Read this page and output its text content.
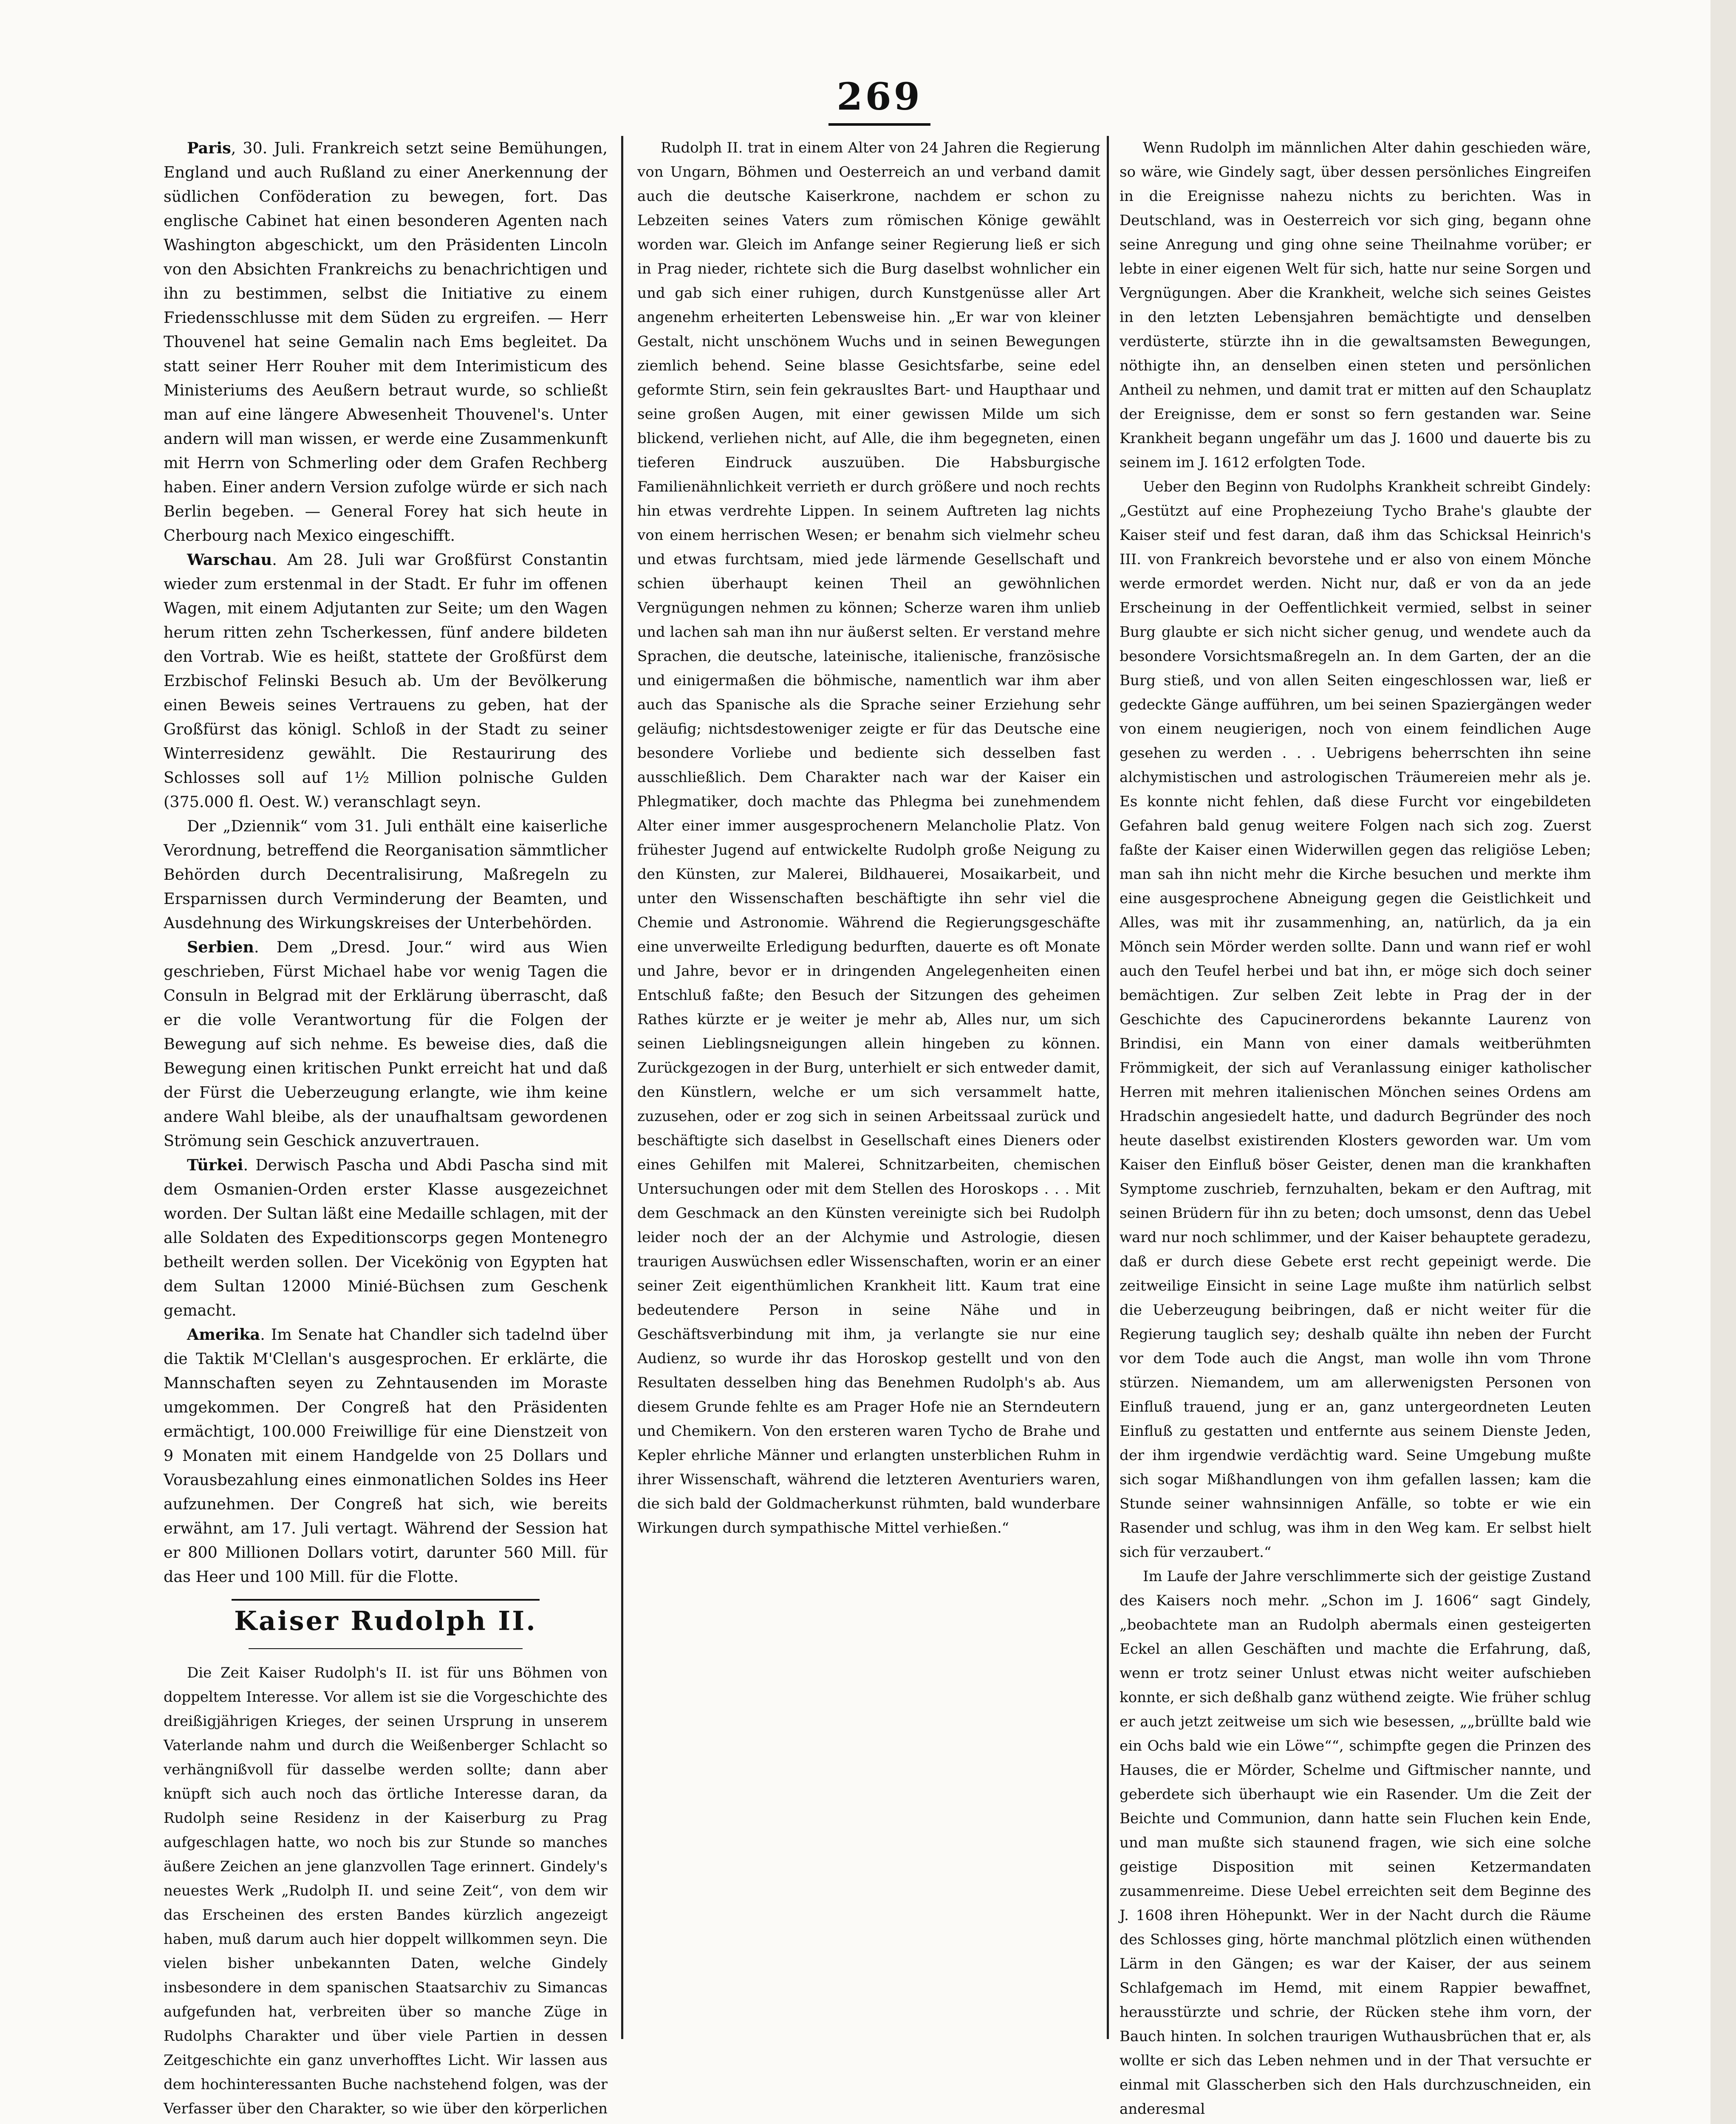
269

Paris, 30. Juli. Frankreich setzt seine Bemühungen, England und auch Rußland zu einer Anerkennung der südlichen Conföderation zu bewegen, fort. Das englische Cabinet hat einen besonderen Agenten nach Washington abgeschickt, um den Präsidenten Lincoln von den Absichten Frankreichs zu benachrichtigen und ihn zu bestimmen, selbst die Initiative zu einem Friedensschlusse mit dem Süden zu ergreifen. — Herr Thouvenel hat seine Gemalin nach Ems begleitet. Da statt seiner Herr Rouher mit dem Interimisticum des Ministeriums des Aeußern betraut wurde, so schließt man auf eine längere Abwesenheit Thouvenel's. Unter andern will man wissen, er werde eine Zusammenkunft mit Herrn von Schmerling oder dem Grafen Rechberg haben. Einer andern Version zufolge würde er sich nach Berlin begeben. — General Forey hat sich heute in Cherbourg nach Mexico eingeschifft.

Warschau. Am 28. Juli war Großfürst Constantin wieder zum erstenmal in der Stadt. Er fuhr im offenen Wagen, mit einem Adjutanten zur Seite; um den Wagen herum ritten zehn Tscherkessen, fünf andere bildeten den Vortrab. Wie es heißt, stattete der Großfürst dem Erzbischof Felinski Besuch ab. Um der Bevölkerung einen Beweis seines Vertrauens zu geben, hat der Großfürst das königl. Schloß in der Stadt zu seiner Winterresidenz gewählt. Die Restaurirung des Schlosses soll auf 1½ Million polnische Gulden (375.000 fl. Oest. W.) veranschlagt seyn.

Der „Dziennik“ vom 31. Juli enthält eine kaiserliche Verordnung, betreffend die Reorganisation sämmtlicher Behörden durch Decentralisirung, Maßregeln zu Ersparnissen durch Verminderung der Beamten, und Ausdehnung des Wirkungskreises der Unterbehörden.

Serbien. Dem „Dresd. Jour.“ wird aus Wien geschrieben, Fürst Michael habe vor wenig Tagen die Consuln in Belgrad mit der Erklärung überrascht, daß er die volle Verantwortung für die Folgen der Bewegung auf sich nehme. Es beweise dies, daß die Bewegung einen kritischen Punkt erreicht hat und daß der Fürst die Ueberzeugung erlangte, wie ihm keine andere Wahl bleibe, als der unaufhaltsam gewordenen Strömung sein Geschick anzuvertrauen.

Türkei. Derwisch Pascha und Abdi Pascha sind mit dem Osmanien-Orden erster Klasse ausgezeichnet worden. Der Sultan läßt eine Medaille schlagen, mit der alle Soldaten des Expeditionscorps gegen Montenegro betheilt werden sollen. Der Vicekönig von Egypten hat dem Sultan 12000 Minié-Büchsen zum Geschenk gemacht.

Amerika. Im Senate hat Chandler sich tadelnd über die Taktik M'Clellan's ausgesprochen. Er erklärte, die Mannschaften seyen zu Zehntausenden im Moraste umgekommen. Der Congreß hat den Präsidenten ermächtigt, 100.000 Freiwillige für eine Dienstzeit von 9 Monaten mit einem Handgelde von 25 Dollars und Vorausbezahlung eines einmonatlichen Soldes ins Heer aufzunehmen. Der Congreß hat sich, wie bereits erwähnt, am 17. Juli vertagt. Während der Session hat er 800 Millionen Dollars votirt, darunter 560 Mill. für das Heer und 100 Mill. für die Flotte.

Kaiser Rudolph II.

Die Zeit Kaiser Rudolph's II. ist für uns Böhmen von doppeltem Interesse. Vor allem ist sie die Vorgeschichte des dreißigjährigen Krieges, der seinen Ursprung in unserem Vaterlande nahm und durch die Weißenberger Schlacht so verhängnißvoll für dasselbe werden sollte; dann aber knüpft sich auch noch das örtliche Interesse daran, da Rudolph seine Residenz in der Kaiserburg zu Prag aufgeschlagen hatte, wo noch bis zur Stunde so manches äußere Zeichen an jene glanzvollen Tage erinnert. Gindely's neuestes Werk „Rudolph II. und seine Zeit“, von dem wir das Erscheinen des ersten Bandes kürzlich angezeigt haben, muß darum auch hier doppelt willkommen seyn. Die vielen bisher unbekannten Daten, welche Gindely insbesondere in dem spanischen Staatsarchiv zu Simancas aufgefunden hat, verbreiten über so manche Züge in Rudolphs Charakter und über viele Partien in dessen Zeitgeschichte ein ganz unverhofftes Licht. Wir lassen aus dem hochinteressanten Buche nachstehend folgen, was der Verfasser über den Charakter, so wie über den körperlichen

Rudolph II. trat in einem Alter von 24 Jahren die Regierung von Ungarn, Böhmen und Oesterreich an und verband damit auch die deutsche Kaiserkrone, nachdem er schon zu Lebzeiten seines Vaters zum römischen Könige gewählt worden war. Gleich im Anfange seiner Regierung ließ er sich in Prag nieder, richtete sich die Burg daselbst wohnlicher ein und gab sich einer ruhigen, durch Kunstgenüsse aller Art angenehm erheiterten Lebensweise hin. „Er war von kleiner Gestalt, nicht unschönem Wuchs und in seinen Bewegungen ziemlich behend. Seine blasse Gesichtsfarbe, seine edel geformte Stirn, sein fein gekrausltes Bart- und Haupthaar und seine großen Augen, mit einer gewissen Milde um sich blickend, verliehen nicht, auf Alle, die ihm begegneten, einen tieferen Eindruck auszuüben. Die Habsburgische Familienähnlichkeit verrieth er durch größere und noch rechts hin etwas verdrehte Lippen. In seinem Auftreten lag nichts von einem herrischen Wesen; er benahm sich vielmehr scheu und etwas furchtsam, mied jede lärmende Gesellschaft und schien überhaupt keinen Theil an gewöhnlichen Vergnügungen nehmen zu können; Scherze waren ihm unlieb und lachen sah man ihn nur äußerst selten. Er verstand mehre Sprachen, die deutsche, lateinische, italienische, französische und einigermaßen die böhmische, namentlich war ihm aber auch das Spanische als die Sprache seiner Erziehung sehr geläufig; nichtsdestoweniger zeigte er für das Deutsche eine besondere Vorliebe und bediente sich desselben fast ausschließlich. Dem Charakter nach war der Kaiser ein Phlegmatiker, doch machte das Phlegma bei zunehmendem Alter einer immer ausgesprochenern Melancholie Platz. Von frühester Jugend auf entwickelte Rudolph große Neigung zu den Künsten, zur Malerei, Bildhauerei, Mosaikarbeit, und unter den Wissenschaften beschäftigte ihn sehr viel die Chemie und Astronomie. Während die Regierungsgeschäfte eine unverweilte Erledigung bedurften, dauerte es oft Monate und Jahre, bevor er in dringenden Angelegenheiten einen Entschluß faßte; den Besuch der Sitzungen des geheimen Rathes kürzte er je weiter je mehr ab, Alles nur, um sich seinen Lieblingsneigungen allein hingeben zu können. Zurückgezogen in der Burg, unterhielt er sich entweder damit, den Künstlern, welche er um sich versammelt hatte, zuzusehen, oder er zog sich in seinen Arbeitssaal zurück und beschäftigte sich daselbst in Gesellschaft eines Dieners oder eines Gehilfen mit Malerei, Schnitzarbeiten, chemischen Untersuchungen oder mit dem Stellen des Horoskops . . . Mit dem Geschmack an den Künsten vereinigte sich bei Rudolph leider noch der an der Alchymie und Astrologie, diesen traurigen Auswüchsen edler Wissenschaften, worin er an einer seiner Zeit eigenthümlichen Krankheit litt. Kaum trat eine bedeutendere Person in seine Nähe und in Geschäftsverbindung mit ihm, ja verlangte sie nur eine Audienz, so wurde ihr das Horoskop gestellt und von den Resultaten desselben hing das Benehmen Rudolph's ab. Aus diesem Grunde fehlte es am Prager Hofe nie an Sterndeutern und Chemikern. Von den ersteren waren Tycho de Brahe und Kepler ehrliche Männer und erlangten unsterblichen Ruhm in ihrer Wissenschaft, während die letzteren Aventuriers waren, die sich bald der Goldmacherkunst rühmten, bald wunderbare Wirkungen durch sympathische Mittel verhießen.“

Wenn Rudolph im männlichen Alter dahin geschieden wäre, so wäre, wie Gindely sagt, über dessen persönliches Eingreifen in die Ereignisse nahezu nichts zu berichten. Was in Deutschland, was in Oesterreich vor sich ging, begann ohne seine Anregung und ging ohne seine Theilnahme vorüber; er lebte in einer eigenen Welt für sich, hatte nur seine Sorgen und Vergnügungen. Aber die Krankheit, welche sich seines Geistes in den letzten Lebensjahren bemächtigte und denselben verdüsterte, stürzte ihn in die gewaltsamsten Bewegungen, nöthigte ihn, an denselben einen steten und persönlichen Antheil zu nehmen, und damit trat er mitten auf den Schauplatz der Ereignisse, dem er sonst so fern gestanden war. Seine Krankheit begann ungefähr um das J. 1600 und dauerte bis zu seinem im J. 1612 erfolgten Tode.

Ueber den Beginn von Rudolphs Krankheit schreibt Gindely: „Gestützt auf eine Prophezeiung Tycho Brahe's glaubte der Kaiser steif und fest daran, daß ihm das Schicksal Heinrich's III. von Frankreich bevorstehe und er also von einem Mönche werde ermordet werden. Nicht nur, daß er von da an jede Erscheinung in der Oeffentlichkeit vermied, selbst in seiner Burg glaubte er sich nicht sicher genug, und wendete auch da besondere Vorsichtsmaßregeln an. In dem Garten, der an die Burg stieß, und von allen Seiten eingeschlossen war, ließ er gedeckte Gänge aufführen, um bei seinen Spaziergängen weder von einem neugierigen, noch von einem feindlichen Auge gesehen zu werden . . . Uebrigens beherrschten ihn seine alchymistischen und astrologischen Träumereien mehr als je. Es konnte nicht fehlen, daß diese Furcht vor eingebildeten Gefahren bald genug weitere Folgen nach sich zog. Zuerst faßte der Kaiser einen Widerwillen gegen das religiöse Leben; man sah ihn nicht mehr die Kirche besuchen und merkte ihm eine ausgesprochene Abneigung gegen die Geistlichkeit und Alles, was mit ihr zusammenhing, an, natürlich, da ja ein Mönch sein Mörder werden sollte. Dann und wann rief er wohl auch den Teufel herbei und bat ihn, er möge sich doch seiner bemächtigen. Zur selben Zeit lebte in Prag der in der Geschichte des Capucinerordens bekannte Laurenz von Brindisi, ein Mann von einer damals weitberühmten Frömmigkeit, der sich auf Veranlassung einiger katholischer Herren mit mehren italienischen Mönchen seines Ordens am Hradschin angesiedelt hatte, und dadurch Begründer des noch heute daselbst existirenden Klosters geworden war. Um vom Kaiser den Einfluß böser Geister, denen man die krankhaften Symptome zuschrieb, fernzuhalten, bekam er den Auftrag, mit seinen Brüdern für ihn zu beten; doch umsonst, denn das Uebel ward nur noch schlimmer, und der Kaiser behauptete geradezu, daß er durch diese Gebete erst recht gepeinigt werde. Die zeitweilige Einsicht in seine Lage mußte ihm natürlich selbst die Ueberzeugung beibringen, daß er nicht weiter für die Regierung tauglich sey; deshalb quälte ihn neben der Furcht vor dem Tode auch die Angst, man wolle ihn vom Throne stürzen. Niemandem, um am allerwenigsten Personen von Einfluß trauend, jung er an, ganz untergeordneten Leuten Einfluß zu gestatten und entfernte aus seinem Dienste Jeden, der ihm irgendwie verdächtig ward. Seine Umgebung mußte sich sogar Mißhandlungen von ihm gefallen lassen; kam die Stunde seiner wahnsinnigen Anfälle, so tobte er wie ein Rasender und schlug, was ihm in den Weg kam. Er selbst hielt sich für verzaubert.“

Im Laufe der Jahre verschlimmerte sich der geistige Zustand des Kaisers noch mehr. „Schon im J. 1606“ sagt Gindely, „beobachtete man an Rudolph abermals einen gesteigerten Eckel an allen Geschäften und machte die Erfahrung, daß, wenn er trotz seiner Unlust etwas nicht weiter aufschieben konnte, er sich deßhalb ganz wüthend zeigte. Wie früher schlug er auch jetzt zeitweise um sich wie besessen, „„brüllte bald wie ein Ochs bald wie ein Löwe““, schimpfte gegen die Prinzen des Hauses, die er Mörder, Schelme und Giftmischer nannte, und geberdete sich überhaupt wie ein Rasender. Um die Zeit der Beichte und Communion, dann hatte sein Fluchen kein Ende, und man mußte sich staunend fragen, wie sich eine solche geistige Disposition mit seinen Ketzermandaten zusammenreime. Diese Uebel erreichten seit dem Beginne des J. 1608 ihren Höhepunkt. Wer in der Nacht durch die Räume des Schlosses ging, hörte manchmal plötzlich einen wüthenden Lärm in den Gängen; es war der Kaiser, der aus seinem Schlafgemach im Hemd, mit einem Rappier bewaffnet, herausstürzte und schrie, der Rücken stehe ihm vorn, der Bauch hinten. In solchen traurigen Wuthausbrüchen that er, als wollte er sich das Leben nehmen und in der That versuchte er einmal mit Glasscherben sich den Hals durchzuschneiden, ein anderesmal
